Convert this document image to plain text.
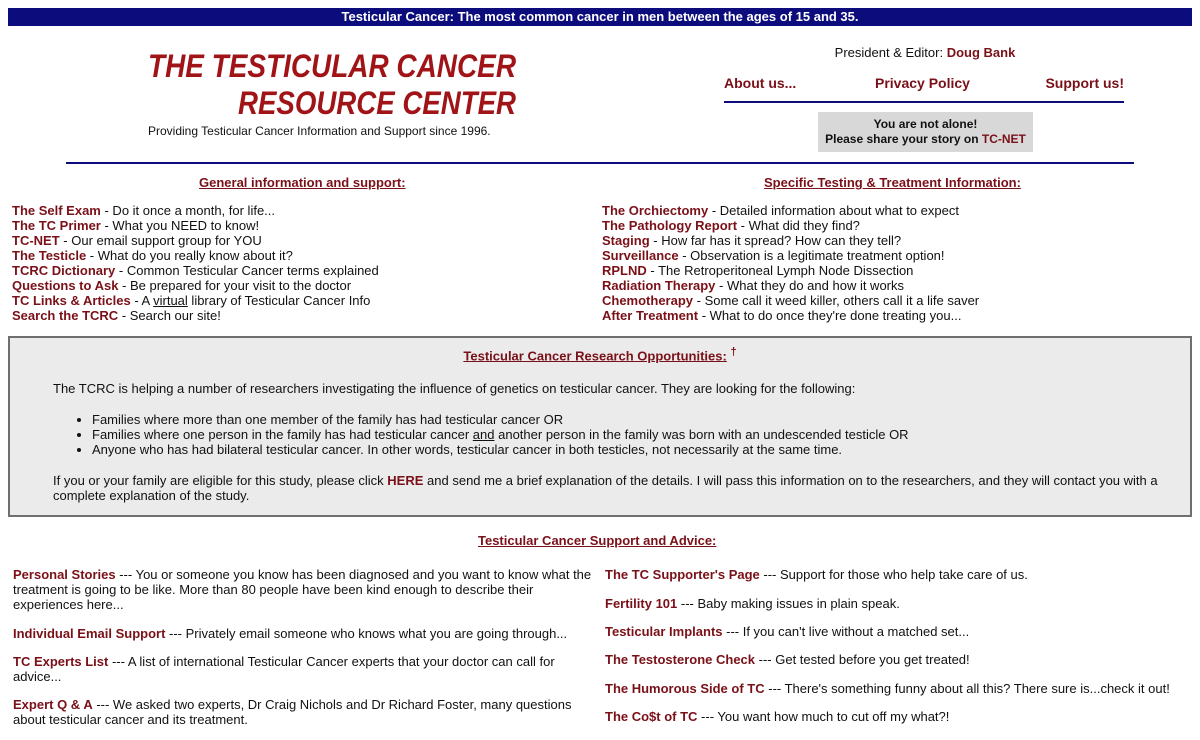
Testicular Cancer: The most common cancer in men between the ages of 15 and 35.
THE TESTICULAR CANCER
RESOURCE CENTER
Providing Testicular Cancer Information and Support since 1996.
President & Editor: Doug Bank
About us...	Privacy Policy	Support us!
You are not alone!
Please share your story on TC-NET
General information and support:	Specific Testing & Treatment Information:
The Self Exam - Do it once a month, for life...
The TC Primer - What you NEED to know!
TC-NET - Our email support group for YOU
The Testicle - What do you really know about it?
TCRC Dictionary - Common Testicular Cancer terms explained
Questions to Ask - Be prepared for your visit to the doctor
TC Links & Articles - A virtual library of Testicular Cancer Info
Search the TCRC - Search our site!
The Orchiectomy - Detailed information about what to expect
The Pathology Report - What did they find?
Staging - How far has it spread? How can they tell?
Surveillance - Observation is a legitimate treatment option!
RPLND - The Retroperitoneal Lymph Node Dissection
Radiation Therapy - What they do and how it works
Chemotherapy - Some call it weed killer, others call it a life saver
After Treatment - What to do once they're done treating you...
Testicular Cancer Research Opportunities: †

The TCRC is helping a number of researchers investigating the influence of genetics on testicular cancer. They are looking for the following:

• Families where more than one member of the family has had testicular cancer OR
• Families where one person in the family has had testicular cancer and another person in the family was born with an undescended testicle OR
• Anyone who has had bilateral testicular cancer. In other words, testicular cancer in both testicles, not necessarily at the same time.

If you or your family are eligible for this study, please click HERE and send me a brief explanation of the details. I will pass this information on to the researchers, and they will contact you with a complete explanation of the study.

Testicular Cancer Support and Advice:
Personal Stories --- You or someone you know has been diagnosed and you want to know what the treatment is going to be like. More than 80 people have been kind enough to describe their experiences here...
Individual Email Support --- Privately email someone who knows what you are going through...
TC Experts List --- A list of international Testicular Cancer experts that your doctor can call for advice...
Expert Q & A --- We asked two experts, Dr Craig Nichols and Dr Richard Foster, many questions about testicular cancer and its treatment.
The TC Supporter's Page --- Support for those who help take care of us.
Fertility 101 --- Baby making issues in plain speak.
Testicular Implants --- If you can't live without a matched set...
The Testosterone Check --- Get tested before you get treated!
The Humorous Side of TC --- There's something funny about all this? There sure is...check it out!
The Co$t of TC --- You want how much to cut off my what?!
